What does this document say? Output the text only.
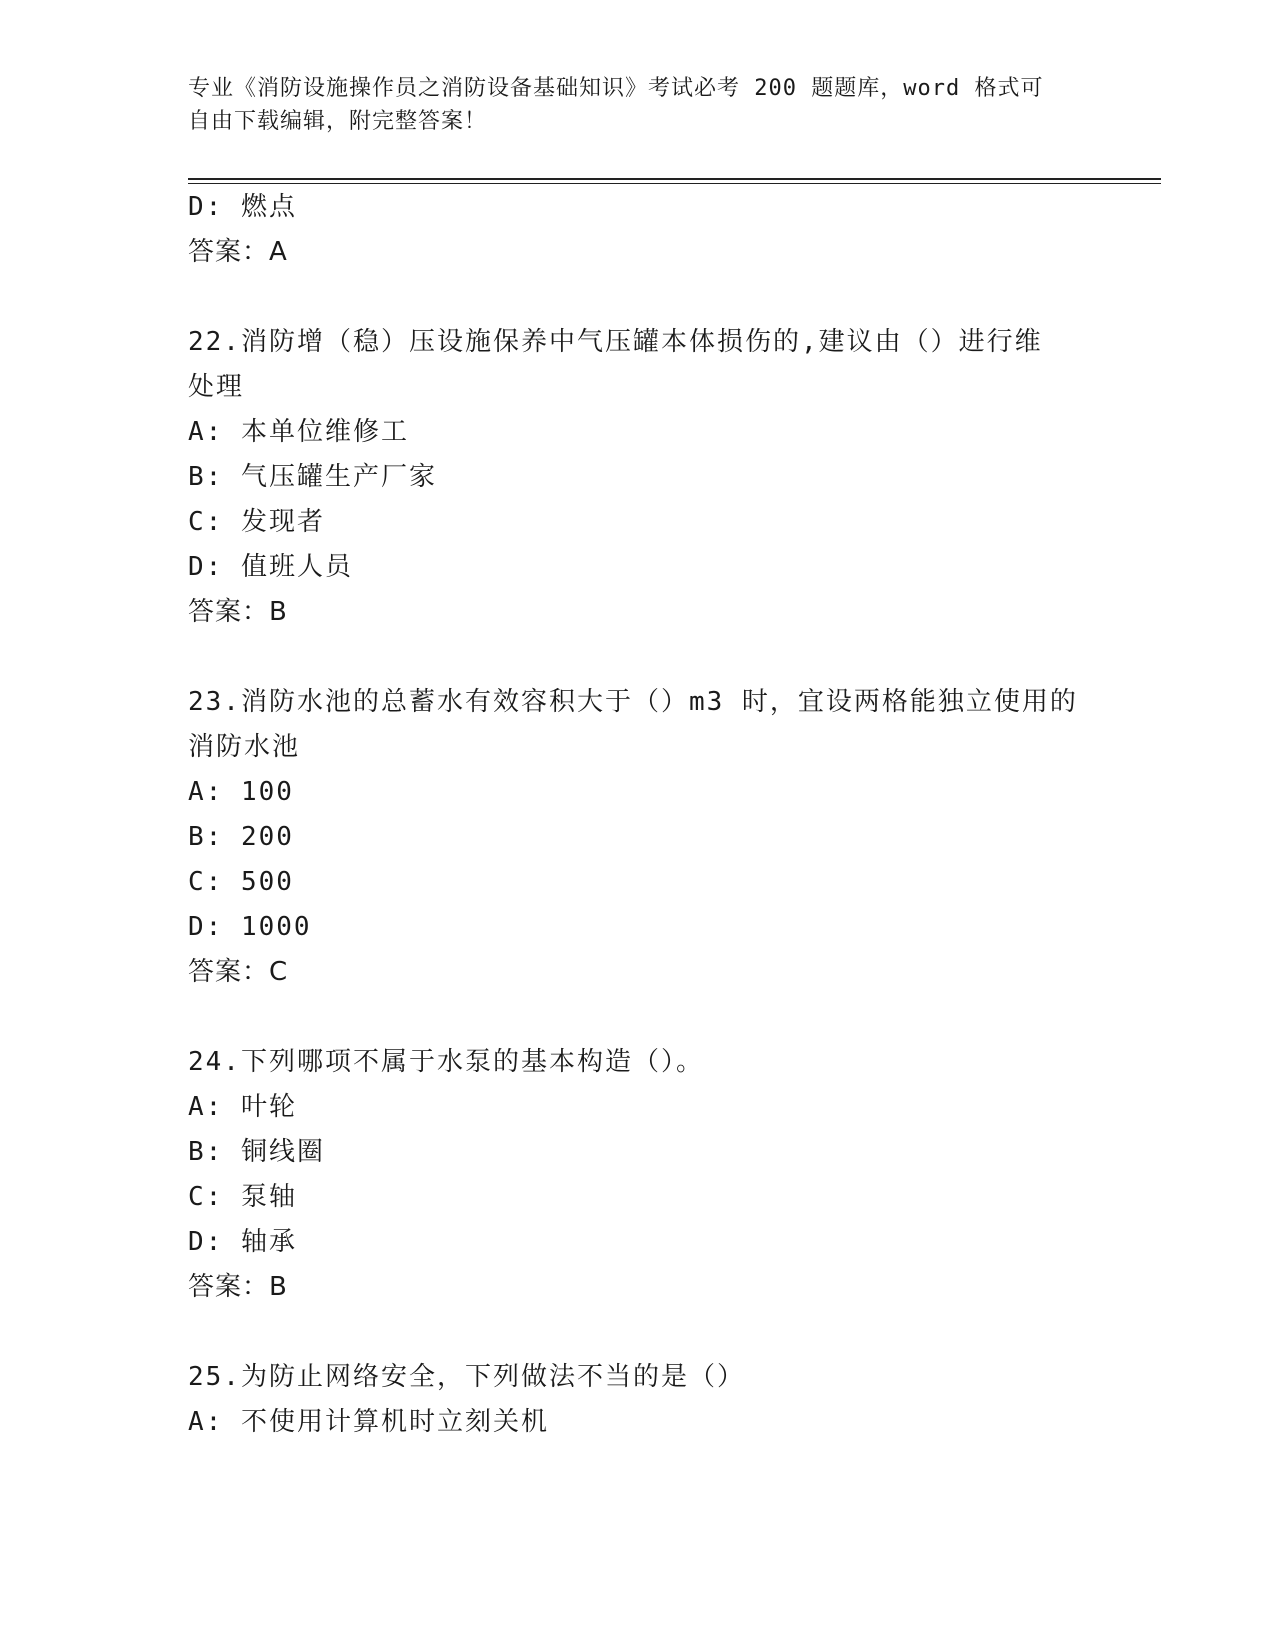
专业《消防设施操作员之消防设备基础知识》考试必考 200 题题库，word 格式可
自由下载编辑，附完整答案！
D: 燃点
答案：A
22.消防增（稳）压设施保养中气压罐本体损伤的,建议由（）进行维
处理
A: 本单位维修工
B: 气压罐生产厂家
C: 发现者
D: 值班人员
答案：B
23.消防水池的总蓄水有效容积大于（）m3 时，宜设两格能独立使用的
消防水池
A: 100
B: 200
C: 500
D: 1000
答案：C
24.下列哪项不属于水泵的基本构造（）。
A: 叶轮
B: 铜线圈
C: 泵轴
D: 轴承
答案：B
25.为防止网络安全，下列做法不当的是（）
A: 不使用计算机时立刻关机
